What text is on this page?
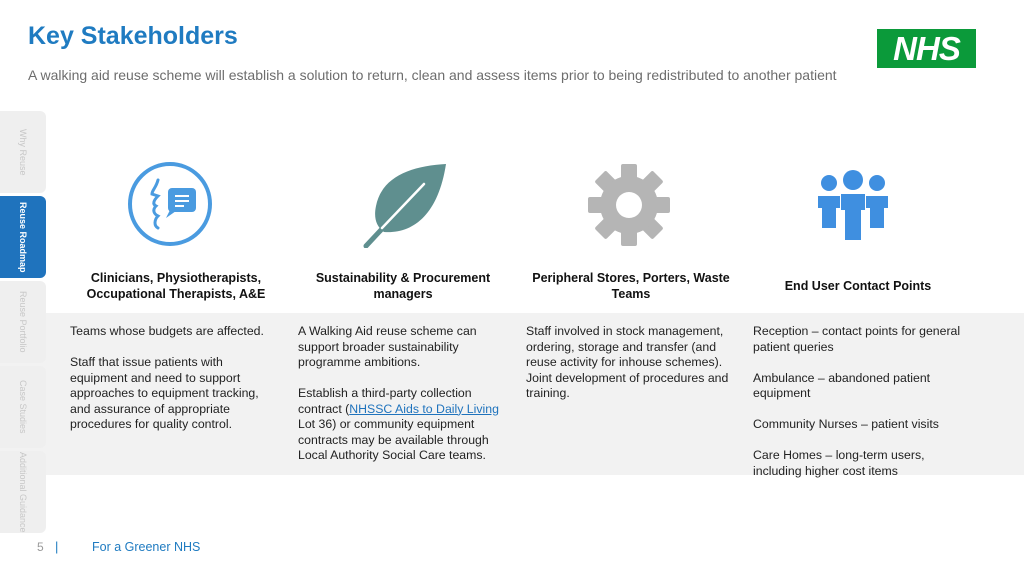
Key Stakeholders
A walking aid reuse scheme will establish a solution to return, clean and assess items prior to being redistributed to another patient
NHS
Why Reuse
Reuse Roadmap
Reuse Portfolio
Case Studies
Additional Guidance
Clinicians, Physiotherapists, Occupational Therapists, A&E
Sustainability & Procurement managers
Peripheral Stores, Porters, Waste Teams
End User Contact Points

Teams whose budgets are affected.

Staff that issue patients with equipment and need to support approaches to equipment tracking, and assurance of appropriate procedures for quality control.

A Walking Aid reuse scheme can support broader sustainability programme ambitions.

Establish a third-party collection contract (NHSSC Aids to Daily Living Lot 36) or community equipment contracts may be available through Local Authority Social Care teams.

Staff involved in stock management, ordering, storage and transfer (and reuse activity for inhouse schemes). Joint development of procedures and training.

Reception – contact points for general patient queries

Ambulance – abandoned patient equipment

Community Nurses – patient visits

Care Homes – long-term users, including higher cost items

5 |	For a Greener NHS
